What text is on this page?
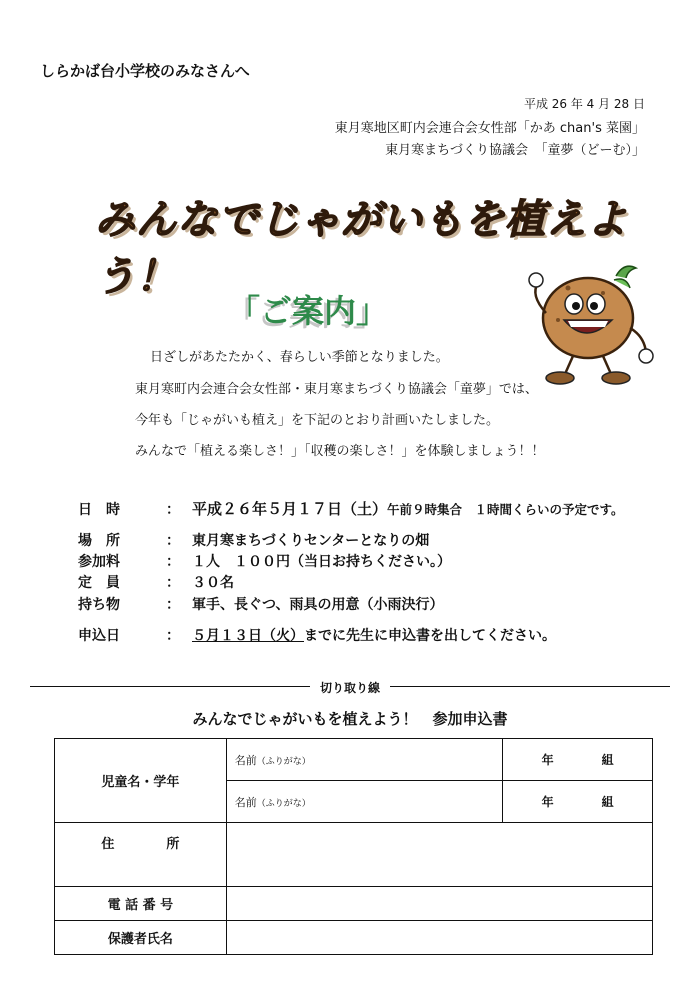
しらかば台小学校のみなさんへ
平成 26 年 4 月 28 日
東月寒地区町内会連合会女性部「かあ chan's 菜園」
東月寒まちづくり協議会　「童夢（どーむ）」
みんなでじゃがいもを植えよう！
「ご案内」
日ざしがあたたかく、春らしい季節となりました。
東月寒町内会連合会女性部・東月寒まちづくり協議会「童夢」では、
今年も「じゃがいも植え」を下記のとおり計画いたしました。
みんなで「植える楽しさ！」「収穫の楽しさ！」を体験しましょう！！
日　時	： 平成２６年５月１７日（土）午前９時集合　１時間くらいの予定です。
場　所	： 東月寒まちづくりセンターとなりの畑
参加料	： １人　１００円（当日お持ちください。）
定　員	： ３０名
持ち物	： 軍手、長ぐつ、雨具の用意（小雨決行）
申込日	： ５月１３日（火）までに先生に申込書を出してください。
切り取り線
みんなでじゃがいもを植えよう！　参加申込書
児童名・学年	名前（ふりがな）	年 組
	名前（ふりがな）	年 組
住　　　　所		
電 話 番 号		
保護者氏名		
